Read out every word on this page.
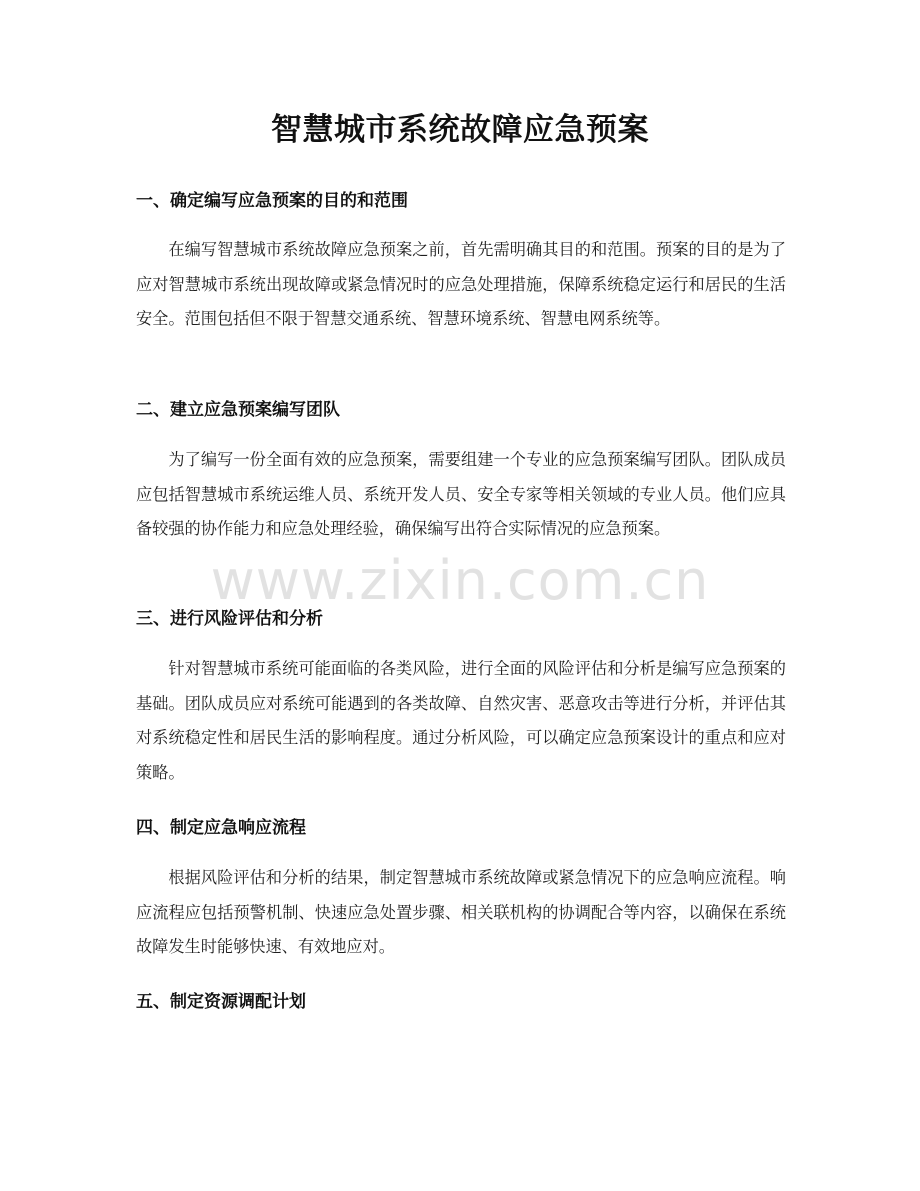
智慧城市系统故障应急预案
一、确定编写应急预案的目的和范围

在编写智慧城市系统故障应急预案之前，首先需明确其目的和范围。预案的目的是为了应对智慧城市系统出现故障或紧急情况时的应急处理措施，保障系统稳定运行和居民的生活安全。范围包括但不限于智慧交通系统、智慧环境系统、智慧电网系统等。

二、建立应急预案编写团队

为了编写一份全面有效的应急预案，需要组建一个专业的应急预案编写团队。团队成员应包括智慧城市系统运维人员、系统开发人员、安全专家等相关领域的专业人员。他们应具备较强的协作能力和应急处理经验，确保编写出符合实际情况的应急预案。

三、进行风险评估和分析

针对智慧城市系统可能面临的各类风险，进行全面的风险评估和分析是编写应急预案的基础。团队成员应对系统可能遇到的各类故障、自然灾害、恶意攻击等进行分析，并评估其对系统稳定性和居民生活的影响程度。通过分析风险，可以确定应急预案设计的重点和应对策略。

四、制定应急响应流程

根据风险评估和分析的结果，制定智慧城市系统故障或紧急情况下的应急响应流程。响应流程应包括预警机制、快速应急处置步骤、相关联机构的协调配合等内容，以确保在系统故障发生时能够快速、有效地应对。

五、制定资源调配计划
www.zixin.com.cn
